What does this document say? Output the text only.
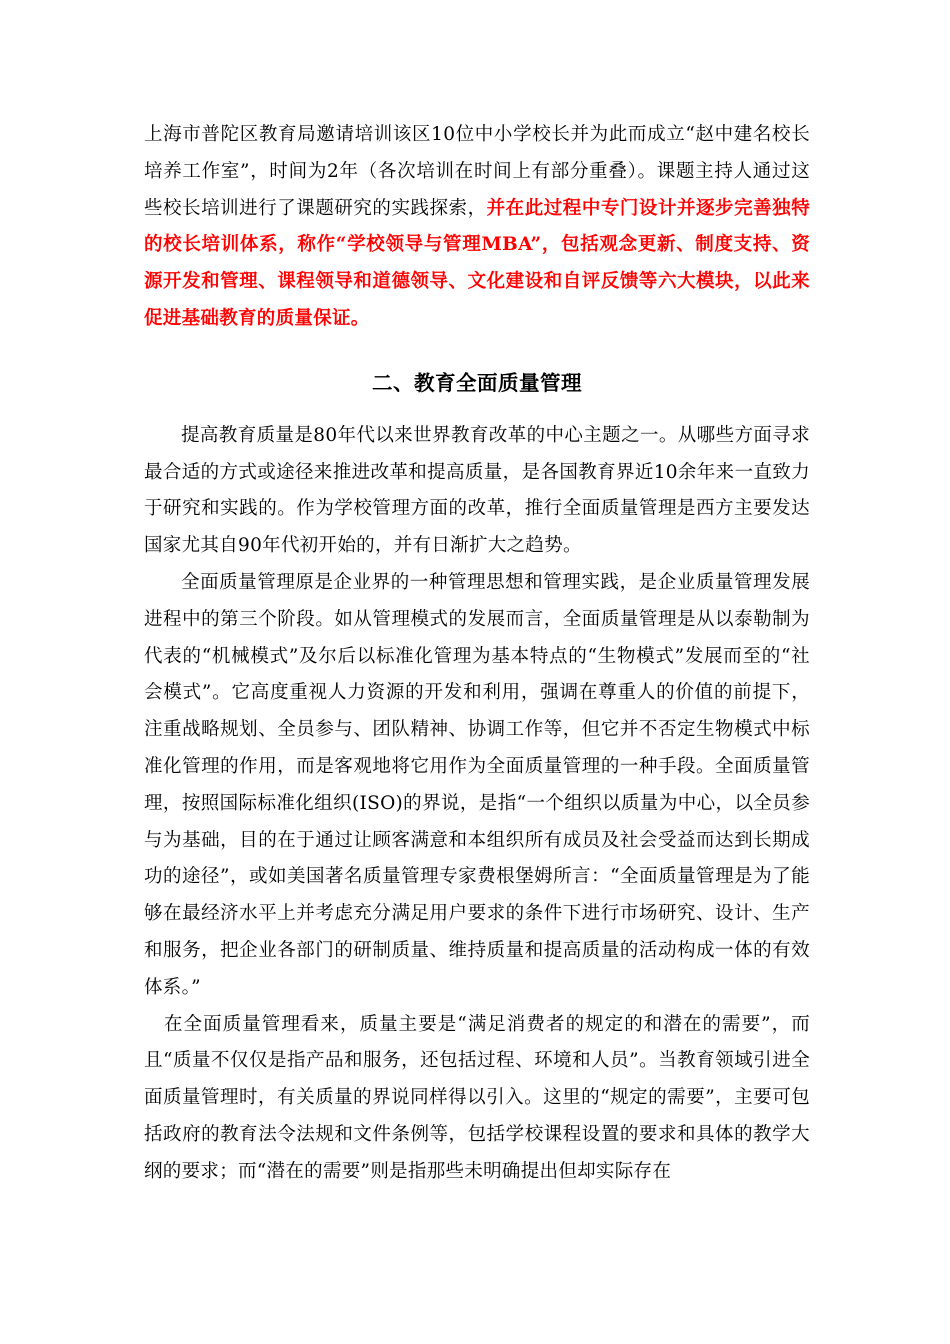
上海市普陀区教育局邀请培训该区10位中小学校长并为此而成立“赵中建名校长培养工作室”，时间为2年（各次培训在时间上有部分重叠）。课题主持人通过这些校长培训进行了课题研究的实践探索，并在此过程中专门设计并逐步完善独特的校长培训体系，称作“学校领导与管理MBA”，包括观念更新、制度支持、资源开发和管理、课程领导和道德领导、文化建设和自评反馈等六大模块，以此来促进基础教育的质量保证。

二、教育全面质量管理

提高教育质量是80年代以来世界教育改革的中心主题之一。从哪些方面寻求最合适的方式或途径来推进改革和提高质量，是各国教育界近10余年来一直致力于研究和实践的。作为学校管理方面的改革，推行全面质量管理是西方主要发达国家尤其自90年代初开始的，并有日渐扩大之趋势。

全面质量管理原是企业界的一种管理思想和管理实践，是企业质量管理发展进程中的第三个阶段。如从管理模式的发展而言，全面质量管理是从以泰勒制为代表的“机械模式”及尔后以标准化管理为基本特点的“生物模式”发展而至的“社会模式”。它高度重视人力资源的开发和利用，强调在尊重人的价值的前提下，注重战略规划、全员参与、团队精神、协调工作等，但它并不否定生物模式中标准化管理的作用，而是客观地将它用作为全面质量管理的一种手段。全面质量管理，按照国际标准化组织(ISO)的界说，是指“一个组织以质量为中心，以全员参与为基础，目的在于通过让顾客满意和本组织所有成员及社会受益而达到长期成功的途径”，或如美国著名质量管理专家费根堡姆所言：“全面质量管理是为了能够在最经济水平上并考虑充分满足用户要求的条件下进行市场研究、设计、生产和服务，把企业各部门的研制质量、维持质量和提高质量的活动构成一体的有效体系。”

在全面质量管理看来，质量主要是“满足消费者的规定的和潜在的需要”，而且“质量不仅仅是指产品和服务，还包括过程、环境和人员”。当教育领域引进全面质量管理时，有关质量的界说同样得以引入。这里的“规定的需要”，主要可包括政府的教育法令法规和文件条例等，包括学校课程设置的要求和具体的教学大纲的要求；而“潜在的需要”则是指那些未明确提出但却实际存在
